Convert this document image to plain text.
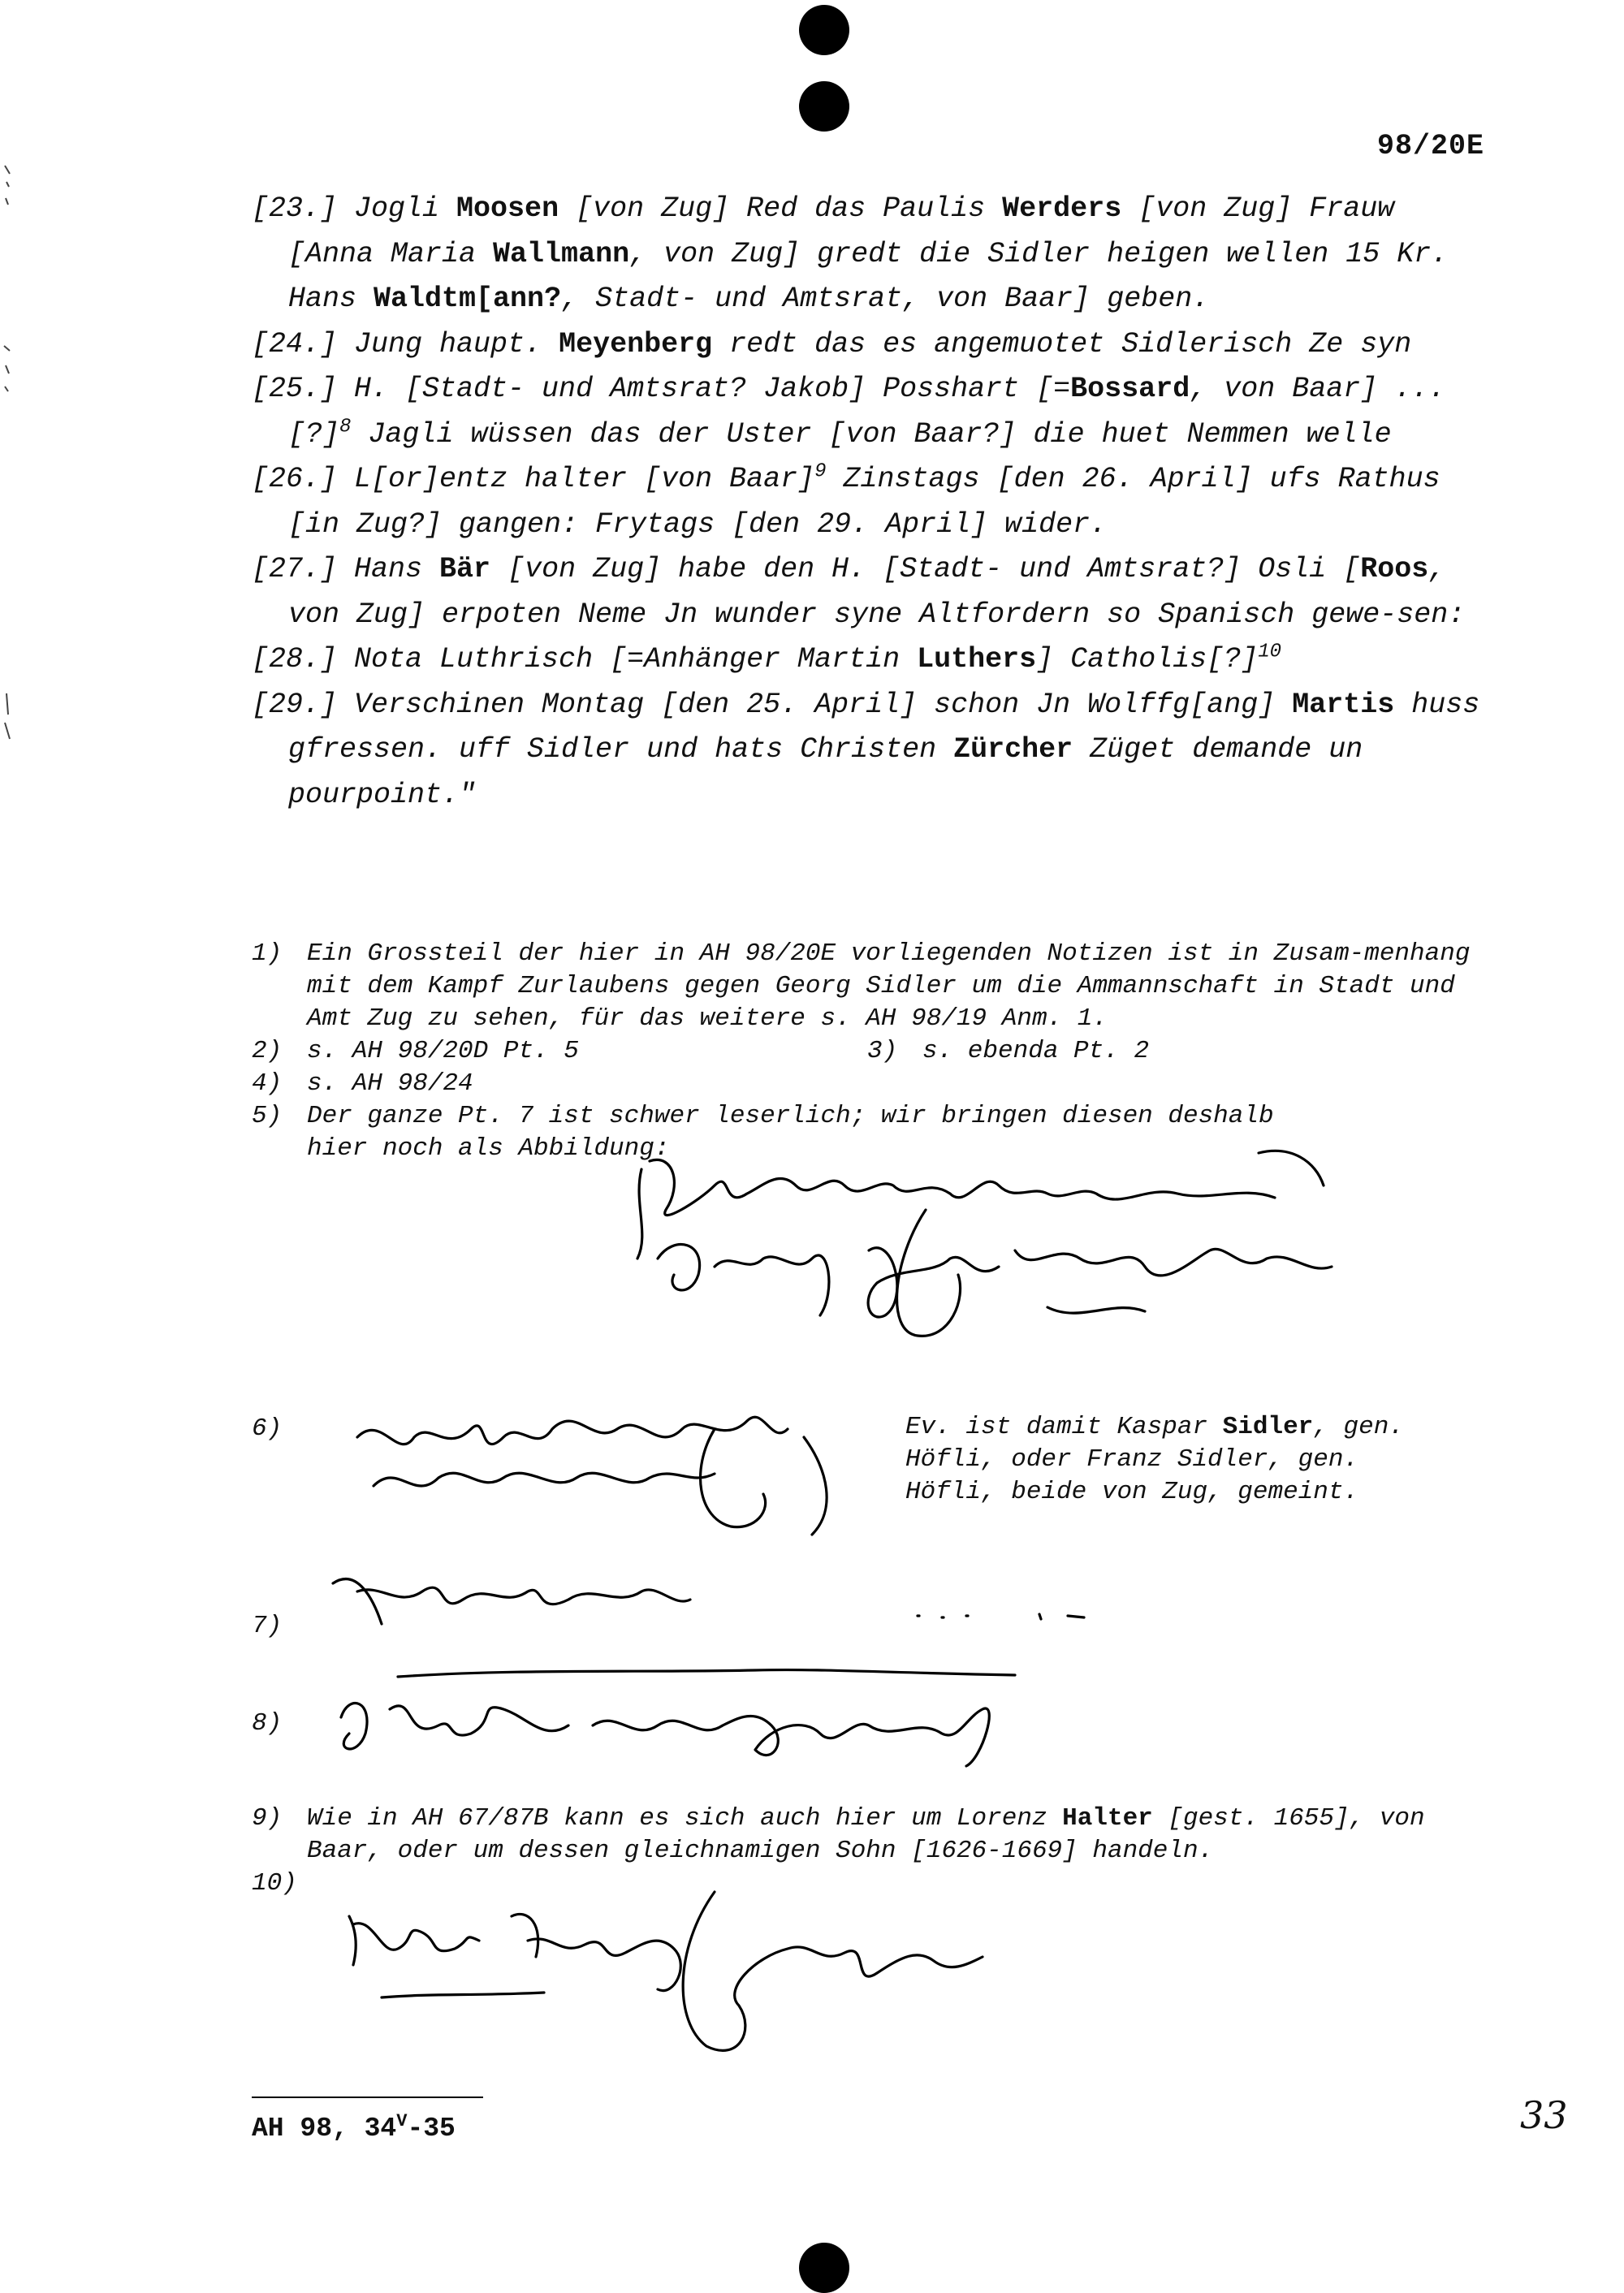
98/20E

[23.] Jogli Moosen [von Zug] Red das Paulis Werders [von Zug] Frauw [Anna Maria Wallmann, von Zug] gredt die Sidler heigen wellen 15 Kr. Hans Waldtm[ann?, Stadt- und Amtsrat, von Baar] geben.

[24.] Jung haupt. Meyenberg redt das es angemuotet Sidlerisch Ze syn

[25.] H. [Stadt- und Amtsrat? Jakob] Posshart [=Bossard, von Baar] ... [?]$^8$ Jagli wüssen das der Uster [von Baar?] die huet Nemmen welle

[26.] L[or]entz halter [von Baar]$^9$ Zinstags [den 26. April] ufs Rathus [in Zug?] gangen: Frytags [den 29. April] wider.

[27.] Hans Bär [von Zug] habe den H. [Stadt- und Amtsrat?] Osli [Roos, von Zug] erpoten Neme Jn wunder syne Altfordern so Spanisch gewe-sen:

[28.] Nota Luthrisch [=Anhänger Martin Luthers] Catholis[?]$^{10}$

[29.] Verschinen Montag [den 25. April] schon Jn Wolffg[ang] Martis huss gfressen. uff Sidler und hats Christen Zürcher Züget demande un pourpoint."

1) Ein Grossteil der hier in AH 98/20E vorliegenden Notizen ist in Zusam-menhang mit dem Kampf Zurlaubens gegen Georg Sidler um die Ammannschaft in Stadt und Amt Zug zu sehen, für das weitere s. AH 98/19 Anm. 1.

2) s. AH 98/20D Pt. 5	3) s. ebenda Pt. 2

4) s. AH 98/24

5) Der ganze Pt. 7 ist schwer leserlich; wir bringen diesen deshalb hier noch als Abbildung:

6)	Ev. ist damit Kaspar Sidler, gen. Höfli, oder Franz Sidler, gen. Höfli, beide von Zug, gemeint.
7)
8)
9) Wie in AH 67/87B kann es sich auch hier um Lorenz Halter [gest. 1655], von Baar, oder um dessen gleichnamigen Sohn [1626-1669] handeln.
10)
AH 98, $34^V-35$	33
